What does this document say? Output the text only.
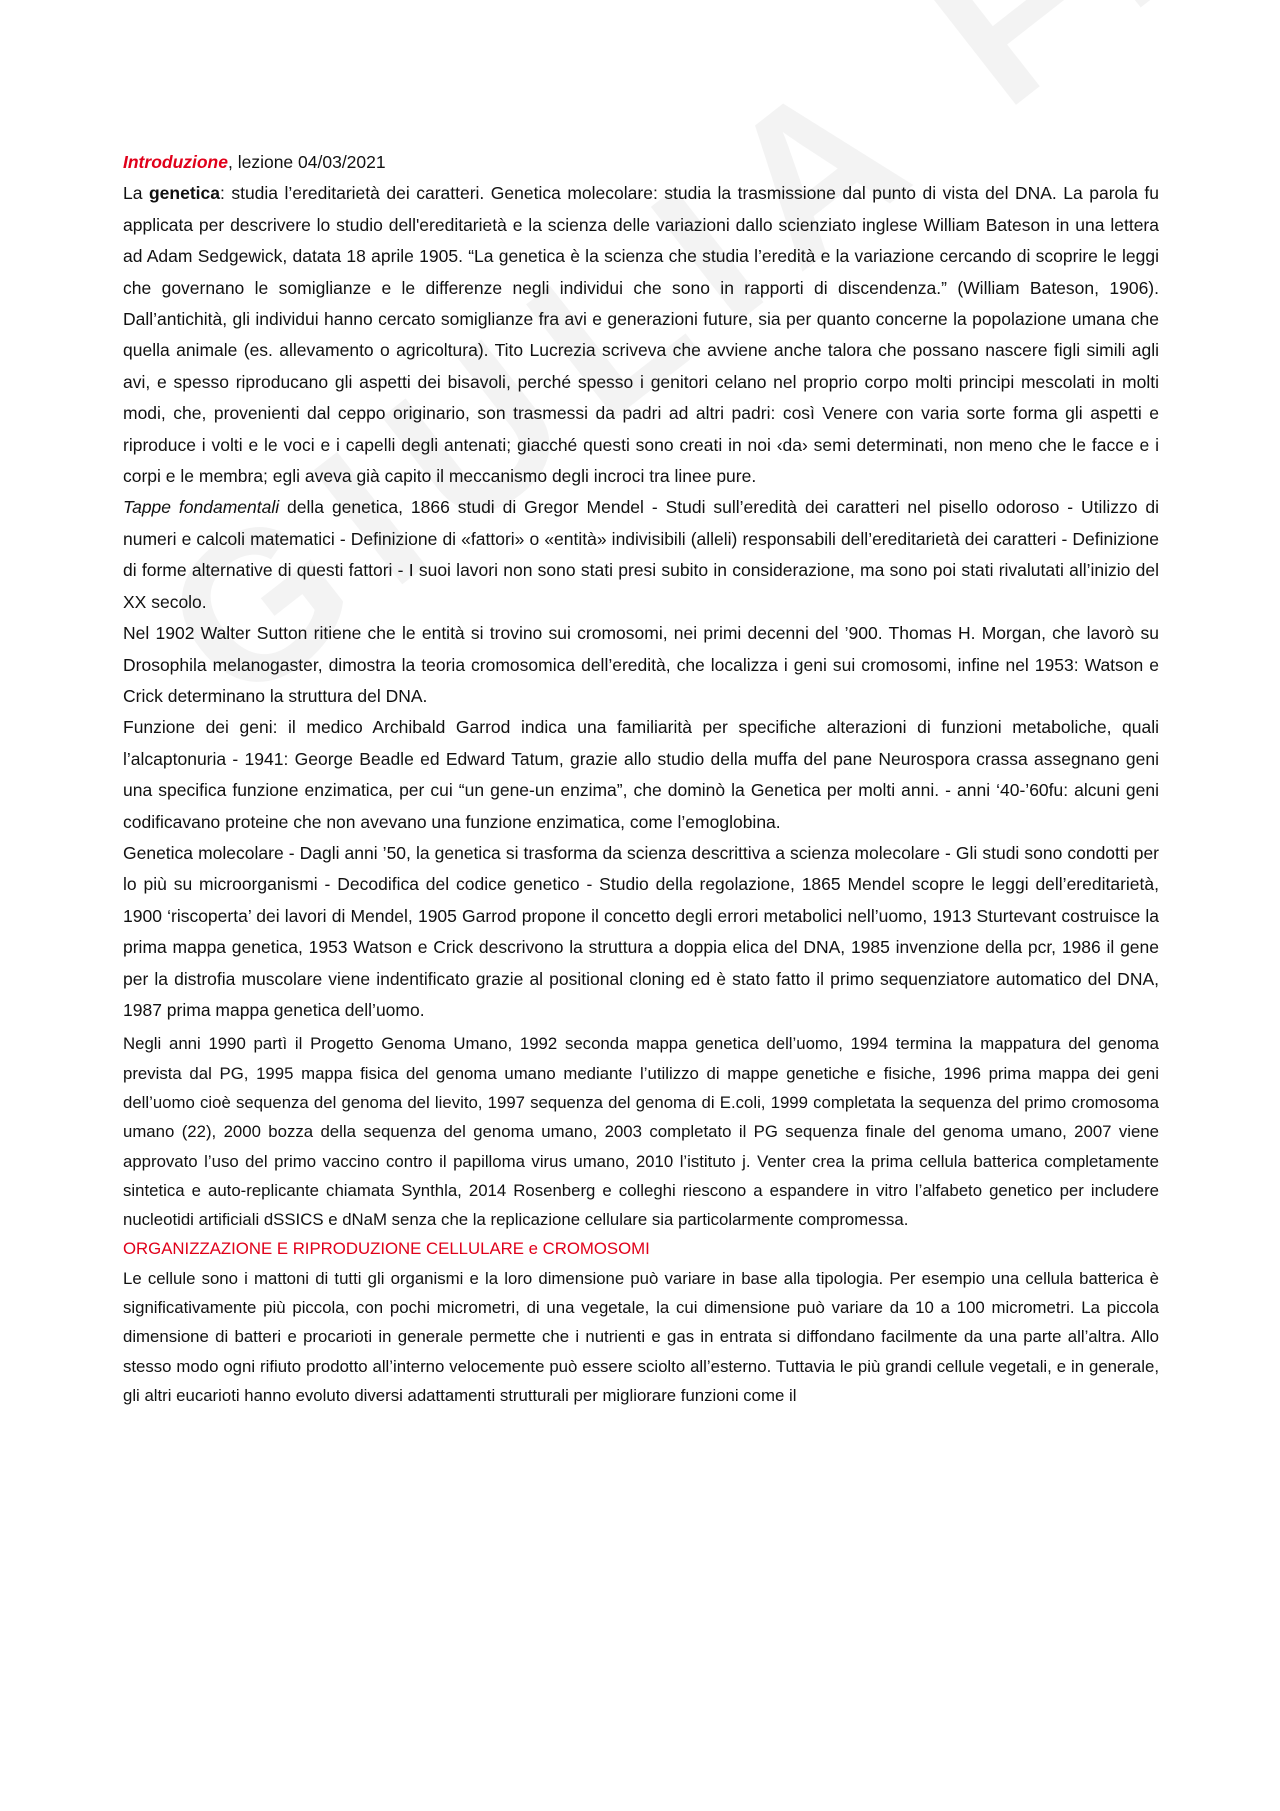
Introduzione, lezione 04/03/2021

La genetica: studia l’ereditarietà dei caratteri. Genetica molecolare: studia la trasmissione dal punto di vista del DNA. La parola fu applicata per descrivere lo studio dell'ereditarietà e la scienza delle variazioni dallo scienziato inglese William Bateson in una lettera ad Adam Sedgewick, datata 18 aprile 1905. “La genetica è la scienza che studia l’eredità e la variazione cercando di scoprire le leggi che governano le somiglianze e le differenze negli individui che sono in rapporti di discendenza.” (William Bateson, 1906). Dall’antichità, gli individui hanno cercato somiglianze fra avi e generazioni future, sia per quanto concerne la popolazione umana che quella animale (es. allevamento o agricoltura). Tito Lucrezia scriveva che avviene anche talora che possano nascere figli simili agli avi, e spesso riproducano gli aspetti dei bisavoli, perché spesso i genitori celano nel proprio corpo molti principi mescolati in molti modi, che, provenienti dal ceppo originario, son trasmessi da padri ad altri padri: così Venere con varia sorte forma gli aspetti e riproduce i volti e le voci e i capelli degli antenati; giacché questi sono creati in noi ‹da› semi determinati, non meno che le facce e i corpi e le membra; egli aveva già capito il meccanismo degli incroci tra linee pure.

Tappe fondamentali della genetica, 1866 studi di Gregor Mendel - Studi sull’eredità dei caratteri nel pisello odoroso - Utilizzo di numeri e calcoli matematici - Definizione di «fattori» o «entità» indivisibili (alleli) responsabili dell’ereditarietà dei caratteri - Definizione di forme alternative di questi fattori - I suoi lavori non sono stati presi subito in considerazione, ma sono poi stati rivalutati all’inizio del XX secolo.

Nel 1902 Walter Sutton ritiene che le entità si trovino sui cromosomi, nei primi decenni del ’900. Thomas H. Morgan, che lavorò su Drosophila melanogaster, dimostra la teoria cromosomica dell’eredità, che localizza i geni sui cromosomi, infine nel 1953: Watson e Crick determinano la struttura del DNA.

Funzione dei geni: il medico Archibald Garrod indica una familiarità per specifiche alterazioni di funzioni metaboliche, quali l’alcaptonuria - 1941: George Beadle ed Edward Tatum, grazie allo studio della muffa del pane Neurospora crassa assegnano geni una specifica funzione enzimatica, per cui “un gene-un enzima”, che dominò la Genetica per molti anni. - anni ‘40-’60fu: alcuni geni codificavano proteine che non avevano una funzione enzimatica, come l’emoglobina.

Genetica molecolare - Dagli anni ’50, la genetica si trasforma da scienza descrittiva a scienza molecolare - Gli studi sono condotti per lo più su microorganismi - Decodifica del codice genetico - Studio della regolazione, 1865 Mendel scopre le leggi dell’ereditarietà, 1900 ‘riscoperta’ dei lavori di Mendel, 1905 Garrod propone il concetto degli errori metabolici nell’uomo, 1913 Sturtevant costruisce la prima mappa genetica, 1953 Watson e Crick descrivono la struttura a doppia elica del DNA, 1985 invenzione della pcr, 1986 il gene per la distrofia muscolare viene indentificato grazie al positional cloning ed è stato fatto il primo sequenziatore automatico del DNA, 1987 prima mappa genetica dell’uomo.

Negli anni 1990 partì il Progetto Genoma Umano, 1992 seconda mappa genetica dell’uomo, 1994 termina la mappatura del genoma prevista dal PG, 1995 mappa fisica del genoma umano mediante l’utilizzo di mappe genetiche e fisiche, 1996 prima mappa dei geni dell’uomo cioè sequenza del genoma del lievito, 1997 sequenza del genoma di E.coli, 1999 completata la sequenza del primo cromosoma umano (22), 2000 bozza della sequenza del genoma umano, 2003 completato il PG sequenza finale del genoma umano, 2007 viene approvato l’uso del primo vaccino contro il papilloma virus umano, 2010 l’istituto j. Venter crea la prima cellula batterica completamente sintetica e auto-replicante chiamata Synthla, 2014 Rosenberg e colleghi riescono a espandere in vitro l’alfabeto genetico per includere nucleotidi artificiali dSSICS e dNaM senza che la replicazione cellulare sia particolarmente compromessa.

ORGANIZZAZIONE E RIPRODUZIONE CELLULARE e CROMOSOMI

Le cellule sono i mattoni di tutti gli organismi e la loro dimensione può variare in base alla tipologia. Per esempio una cellula batterica è significativamente più piccola, con pochi micrometri, di una vegetale, la cui dimensione può variare da 10 a 100 micrometri. La piccola dimensione di batteri e procarioti in generale permette che i nutrienti e gas in entrata si diffondano facilmente da una parte all’altra. Allo stesso modo ogni rifiuto prodotto all’interno velocemente può essere sciolto all’esterno. Tuttavia le più grandi cellule vegetali, e in generale, gli altri eucarioti hanno evoluto diversi adattamenti strutturali per migliorare funzioni come il
